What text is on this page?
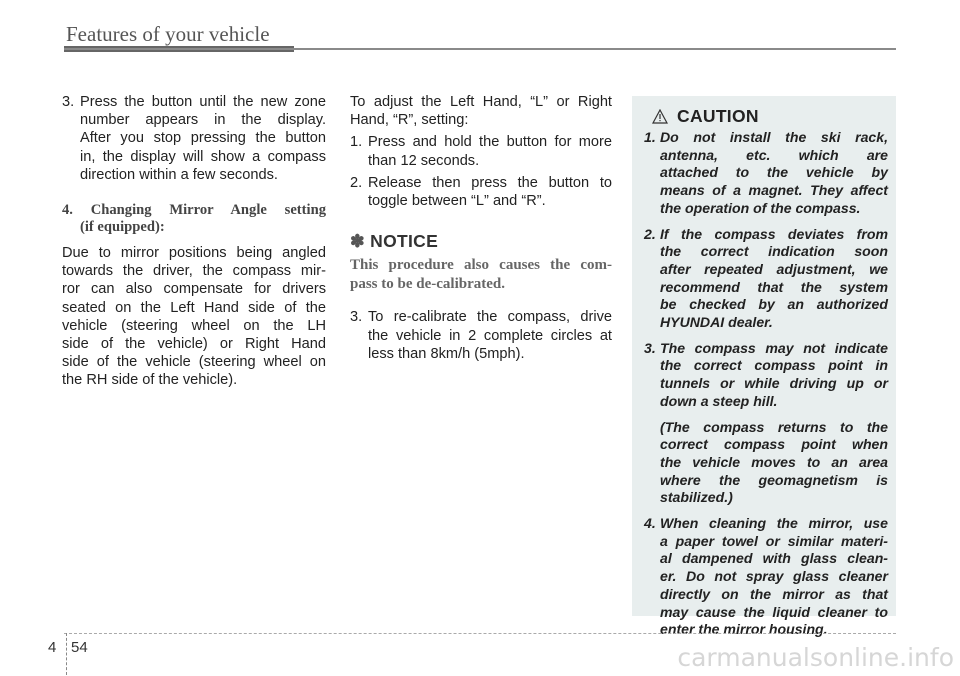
Features of your vehicle
3. Press the button until the new zone

number appears in the display.

After you stop pressing the button

in, the display will show a compass

direction within a few seconds.

4. Changing Mirror Angle setting
(if equipped):

Due to mirror positions being angled

towards the driver, the compass mir-

ror can also compensate for drivers

seated on the Left Hand side of the

vehicle (steering wheel on the LH

side of the vehicle) or Right Hand

side of the vehicle (steering wheel on

the RH side of the vehicle).

To adjust the Left Hand, “L” or Right

Hand, “R”, setting:

1. Press and hold the button for more

than 12 seconds.

2. Release then press the button to

toggle between “L” and “R”.

✽ NOTICE
This procedure also causes the com-
pass to be de-calibrated.
3. To re-calibrate the compass, drive

the vehicle in 2 complete circles at

less than 8km/h (5mph).

CAUTION
1. Do not install the ski rack,

antenna, etc. which are

attached to the vehicle by

means of a magnet. They affect

the operation of the compass.

2. If the compass deviates from

the correct indication soon

after repeated adjustment, we

recommend that the system

be checked by an authorized

HYUNDAI dealer.

3. The compass may not indicate

the correct compass point in

tunnels or while driving up or

down a steep hill.

(The compass returns to the

correct compass point when

the vehicle moves to an area

where the geomagnetism is

stabilized.)

4. When cleaning the mirror, use

a paper towel or similar materi-

al dampened with glass clean-

er. Do not spray glass cleaner

directly on the mirror as that

may cause the liquid cleaner to

enter the mirror housing.

4 54	carmanualsonline.info
